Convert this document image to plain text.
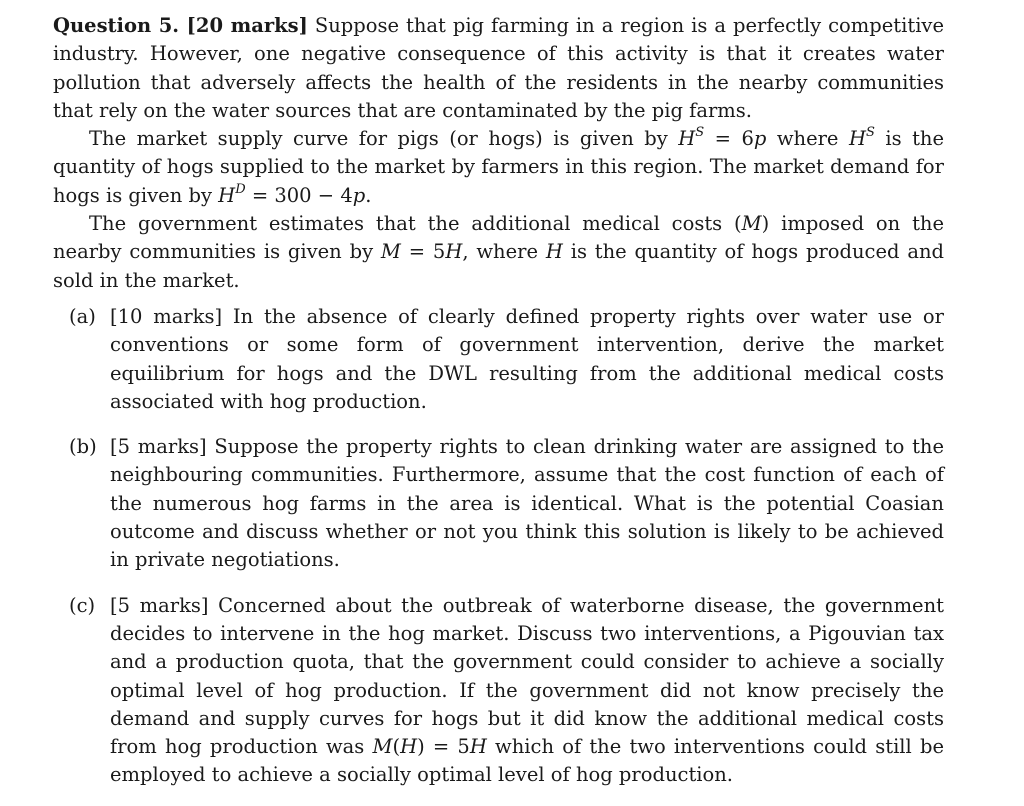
Question 5. [20 marks] Suppose that pig farming in a region is a perfectly competitive industry. However, one negative consequence of this activity is that it creates water pollution that adversely affects the health of the residents in the nearby communities that rely on the water sources that are contaminated by the pig farms.

The market supply curve for pigs (or hogs) is given by $H^S = 6p$ where $H^S$ is the quantity of hogs supplied to the market by farmers in this region. The market demand for hogs is given by $H^D = 300 - 4p$.

The government estimates that the additional medical costs (M) imposed on the nearby communities is given by M = 5H, where H is the quantity of hogs produced and sold in the market.

(a) [10 marks] In the absence of clearly defined property rights over water use or conventions or some form of government intervention, derive the market equilibrium for hogs and the DWL resulting from the additional medical costs associated with hog production.
(b) [5 marks] Suppose the property rights to clean drinking water are assigned to the neighbouring communities. Furthermore, assume that the cost function of each of the numerous hog farms in the area is identical. What is the potential Coasian outcome and discuss whether or not you think this solution is likely to be achieved in private negotiations.
(c) [5 marks] Concerned about the outbreak of waterborne disease, the government decides to intervene in the hog market. Discuss two interventions, a Pigouvian tax and a production quota, that the government could consider to achieve a socially optimal level of hog production. If the government did not know precisely the demand and supply curves for hogs but it did know the additional medical costs from hog production was M(H) = 5H which of the two interventions could still be employed to achieve a socially optimal level of hog production.
